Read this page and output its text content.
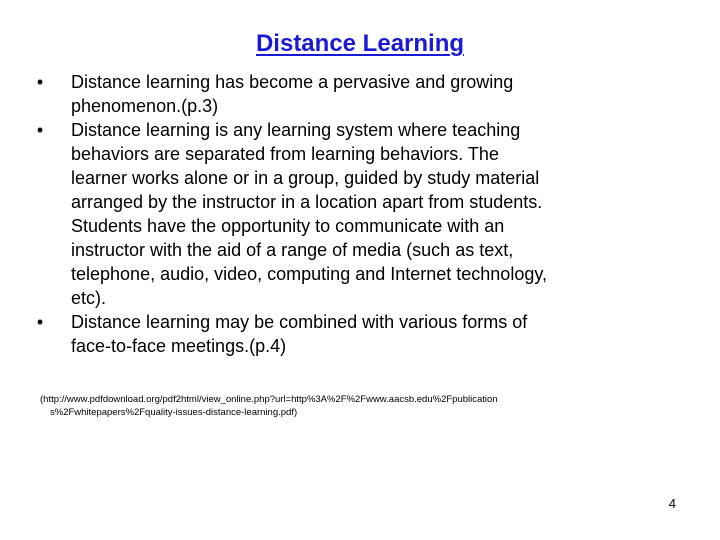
Distance Learning
•	Distance learning has become a pervasive and growing phenomenon.(p.3)
•	Distance learning is any learning system where teaching behaviors are separated from learning behaviors. The learner works alone or in a group, guided by study material arranged by the instructor in a location apart from students. Students have the opportunity to communicate with an instructor with the aid of a range of media (such as text, telephone, audio, video, computing and Internet technology, etc).
•	Distance learning may be combined with various forms of face-to-face meetings.(p.4)
(http://www.pdfdownload.org/pdf2html/view_online.php?url=http%3A%2F%2Fwww.aacsb.edu%2Fpublication
s%2Fwhitepapers%2Fquality-issues-distance-learning.pdf)
4
